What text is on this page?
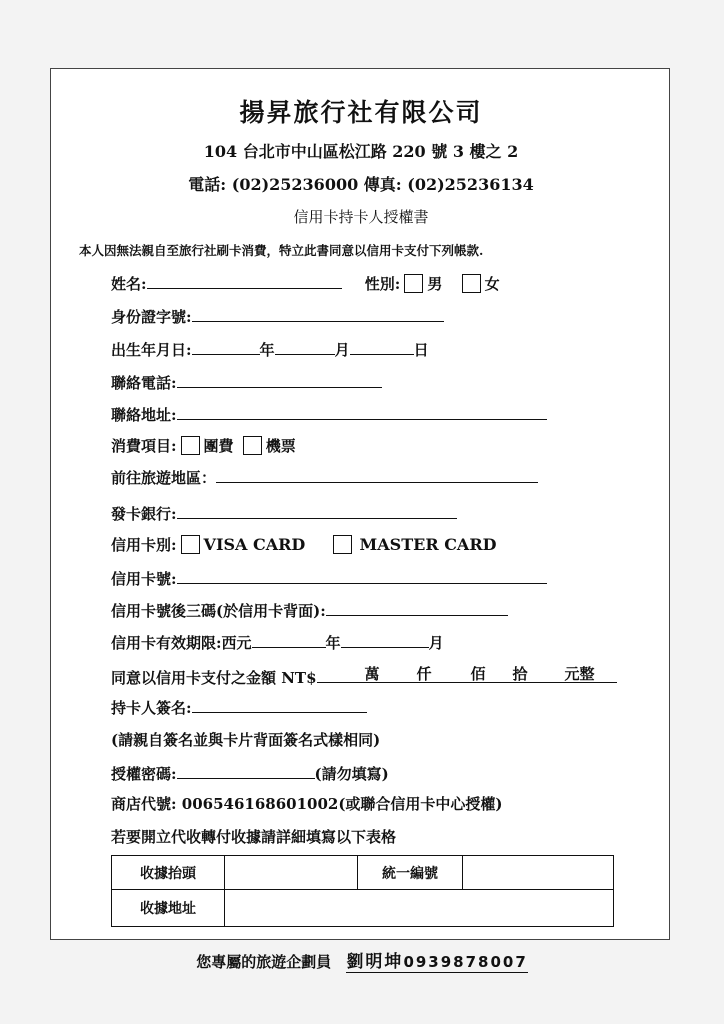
揚昇旅行社有限公司
104 台北市中山區松江路 220 號 3 樓之 2
電話: (02)25236000 傳真: (02)25236134
信用卡持卡人授權書
本人因無法親自至旅行社刷卡消費，特立此書同意以信用卡支付下列帳款.
姓名:	性別: 男	女
身份證字號:
出生年月日:	年	月	日
聯絡電話:
聯絡地址:
消費項目: 團費 機票
前往旅遊地區：
發卡銀行:
信用卡別: VISA CARD	MASTER CARD
信用卡號:
信用卡號後三碼(於信用卡背面):
信用卡有效期限:西元	年	月
同意以信用卡支付之金額 NT$	萬 仟	佰 拾 元整
持卡人簽名:
(請親自簽名並與卡片背面簽名式樣相同)
授權密碼:	(請勿填寫)
商店代號: 006546168601002(或聯合信用卡中心授權)
若要開立代收轉付收據請詳細填寫以下表格
收據抬頭		統一編號	
收據地址			
您專屬的旅遊企劃員 劉明坤0939878007
